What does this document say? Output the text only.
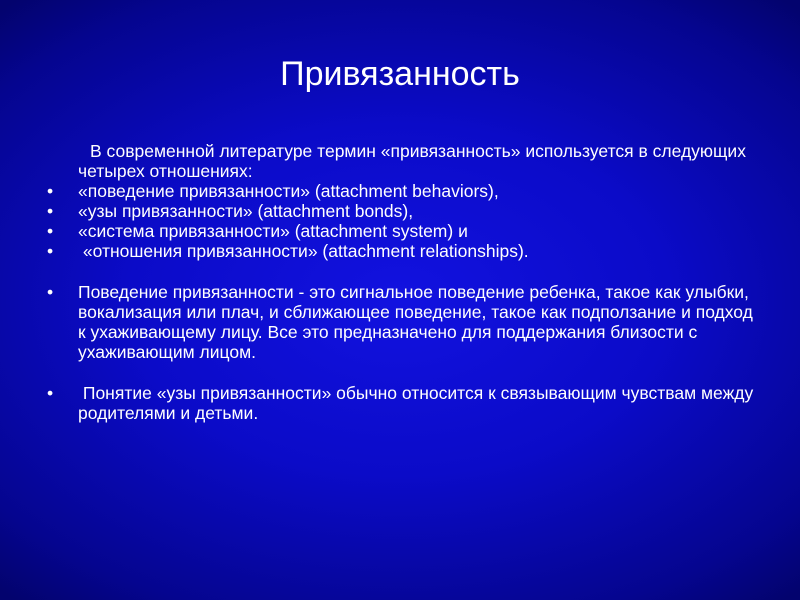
Привязанность
В современной литературе термин «привязанность» используется в следующих четырех отношениях:
• «поведение привязанности» (attachment behaviors),
• «узы привязанности» (attachment bonds),
• «система привязанности» (attachment system) и
•  «отношения привязанности» (attachment relationships).
• Поведение привязанности - это сигнальное поведение ребенка, такое как улыбки, вокализация или плач, и сближающее поведение, такое как подползание и подход к ухаживающему лицу. Все это предназначено для поддержания близости с ухаживающим лицом.
•  Понятие «узы привязанности» обычно относится к связывающим чувствам между родителями и детьми.
